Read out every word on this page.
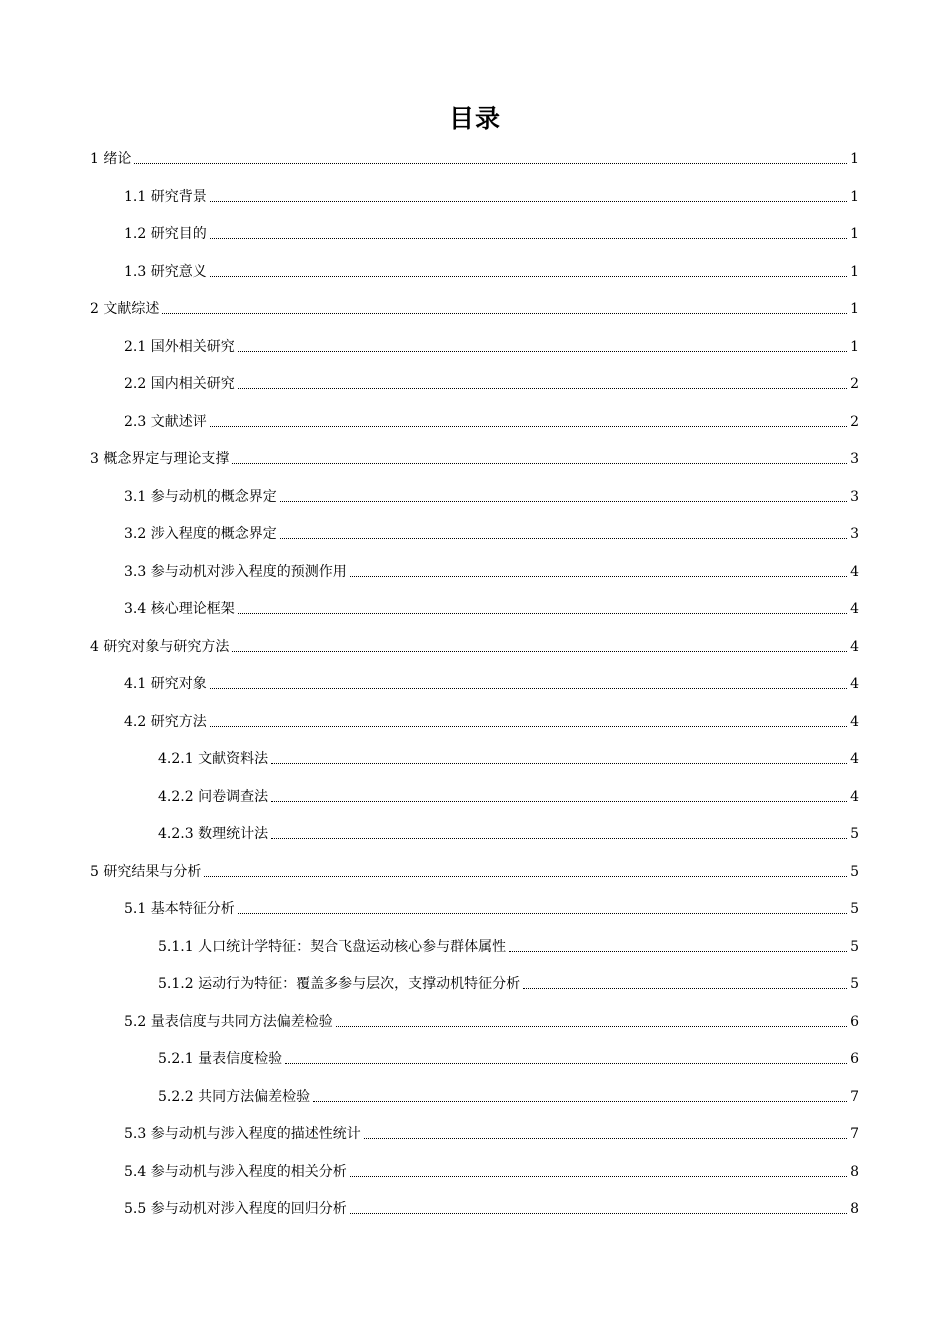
目录
1 绪论	1
1.1 研究背景	1
1.2 研究目的	1
1.3 研究意义	1
2 文献综述	1
2.1 国外相关研究	1
2.2 国内相关研究	2
2.3 文献述评	2
3 概念界定与理论支撑	3
3.1 参与动机的概念界定	3
3.2 涉入程度的概念界定	3
3.3 参与动机对涉入程度的预测作用	4
3.4 核心理论框架	4
4 研究对象与研究方法	4
4.1 研究对象	4
4.2 研究方法	4
4.2.1 文献资料法	4
4.2.2 问卷调查法	4
4.2.3 数理统计法	5
5 研究结果与分析	5
5.1 基本特征分析	5
5.1.1 人口统计学特征：契合飞盘运动核心参与群体属性	5
5.1.2 运动行为特征：覆盖多参与层次，支撑动机特征分析	5
5.2 量表信度与共同方法偏差检验	6
5.2.1 量表信度检验	6
5.2.2 共同方法偏差检验	7
5.3 参与动机与涉入程度的描述性统计	7
5.4 参与动机与涉入程度的相关分析	8
5.5 参与动机对涉入程度的回归分析	8
